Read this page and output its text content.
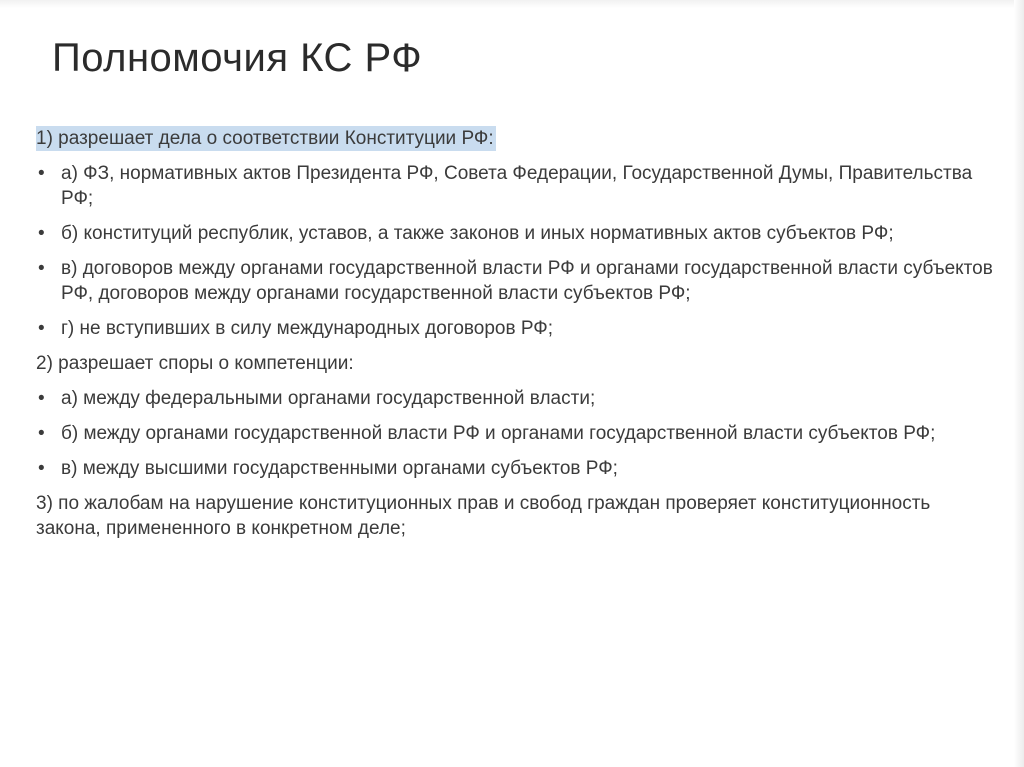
Полномочия КС РФ
1) разрешает дела о соответствии Конституции РФ:
• а) ФЗ, нормативных актов Президента РФ, Совета Федерации, Государственной Думы, Правительства РФ;
• б) конституций республик, уставов, а также законов и иных нормативных актов субъектов РФ;
• в) договоров между органами государственной власти РФ и органами государственной власти субъектов РФ, договоров между органами государственной власти субъектов РФ;
• г) не вступивших в силу международных договоров РФ;
2) разрешает споры о компетенции:
• а) между федеральными органами государственной власти;
• б) между органами государственной власти РФ и органами государственной власти субъектов РФ;
• в) между высшими государственными органами субъектов РФ;
3) по жалобам на нарушение конституционных прав и свобод граждан проверяет конституционность закона, примененного в конкретном деле;
